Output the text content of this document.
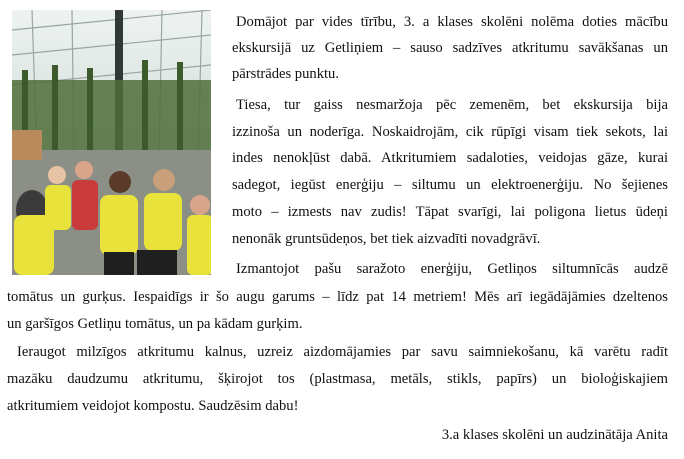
Domājot par vides tīrību, 3. a klases skolēni nolēma doties mācību
ekskursijā uz Getliņiem – sauso sadzīves atkritumu savākšanas un
pārstrādes punktu.
Tiesa, tur gaiss nesmaržoja pēc zemenēm, bet ekskursija bija
izzinoša un noderīga. Noskaidrojām, cik rūpīgi visam tiek sekots, lai
indes nenokļūst dabā. Atkritumiem sadaloties, veidojas gāze, kurai
sadegot, iegūst enerģiju – siltumu un elektroenerģiju. No šejienes
moto – izmests nav zudis! Tāpat svarīgi, lai poligona lietus ūdeņi
nenonāk gruntsūdeņos, bet tiek aizvadīti novadgrāvī.
Izmantojot pašu saražoto enerģiju, Getliņos siltumnīcās audzē
tomātus un gurķus. Iespaidīgs ir šo augu garums – līdz pat 14 metriem! Mēs arī iegādājāmies dzeltenos
un garšīgos Getliņu tomātus, un pa kādam gurķim.
Ieraugot milzīgos atkritumu kalnus, uzreiz aizdomājamies par savu saimniekošanu, kā varētu radīt
mazāku daudzumu atkritumu, šķirojot tos (plastmasa, metāls, stikls, papīrs) un bioloģiskajiem
atkritumiem veidojot kompostu. Saudzēsim dabu!
3.a klases skolēni un audzinātāja Anita
